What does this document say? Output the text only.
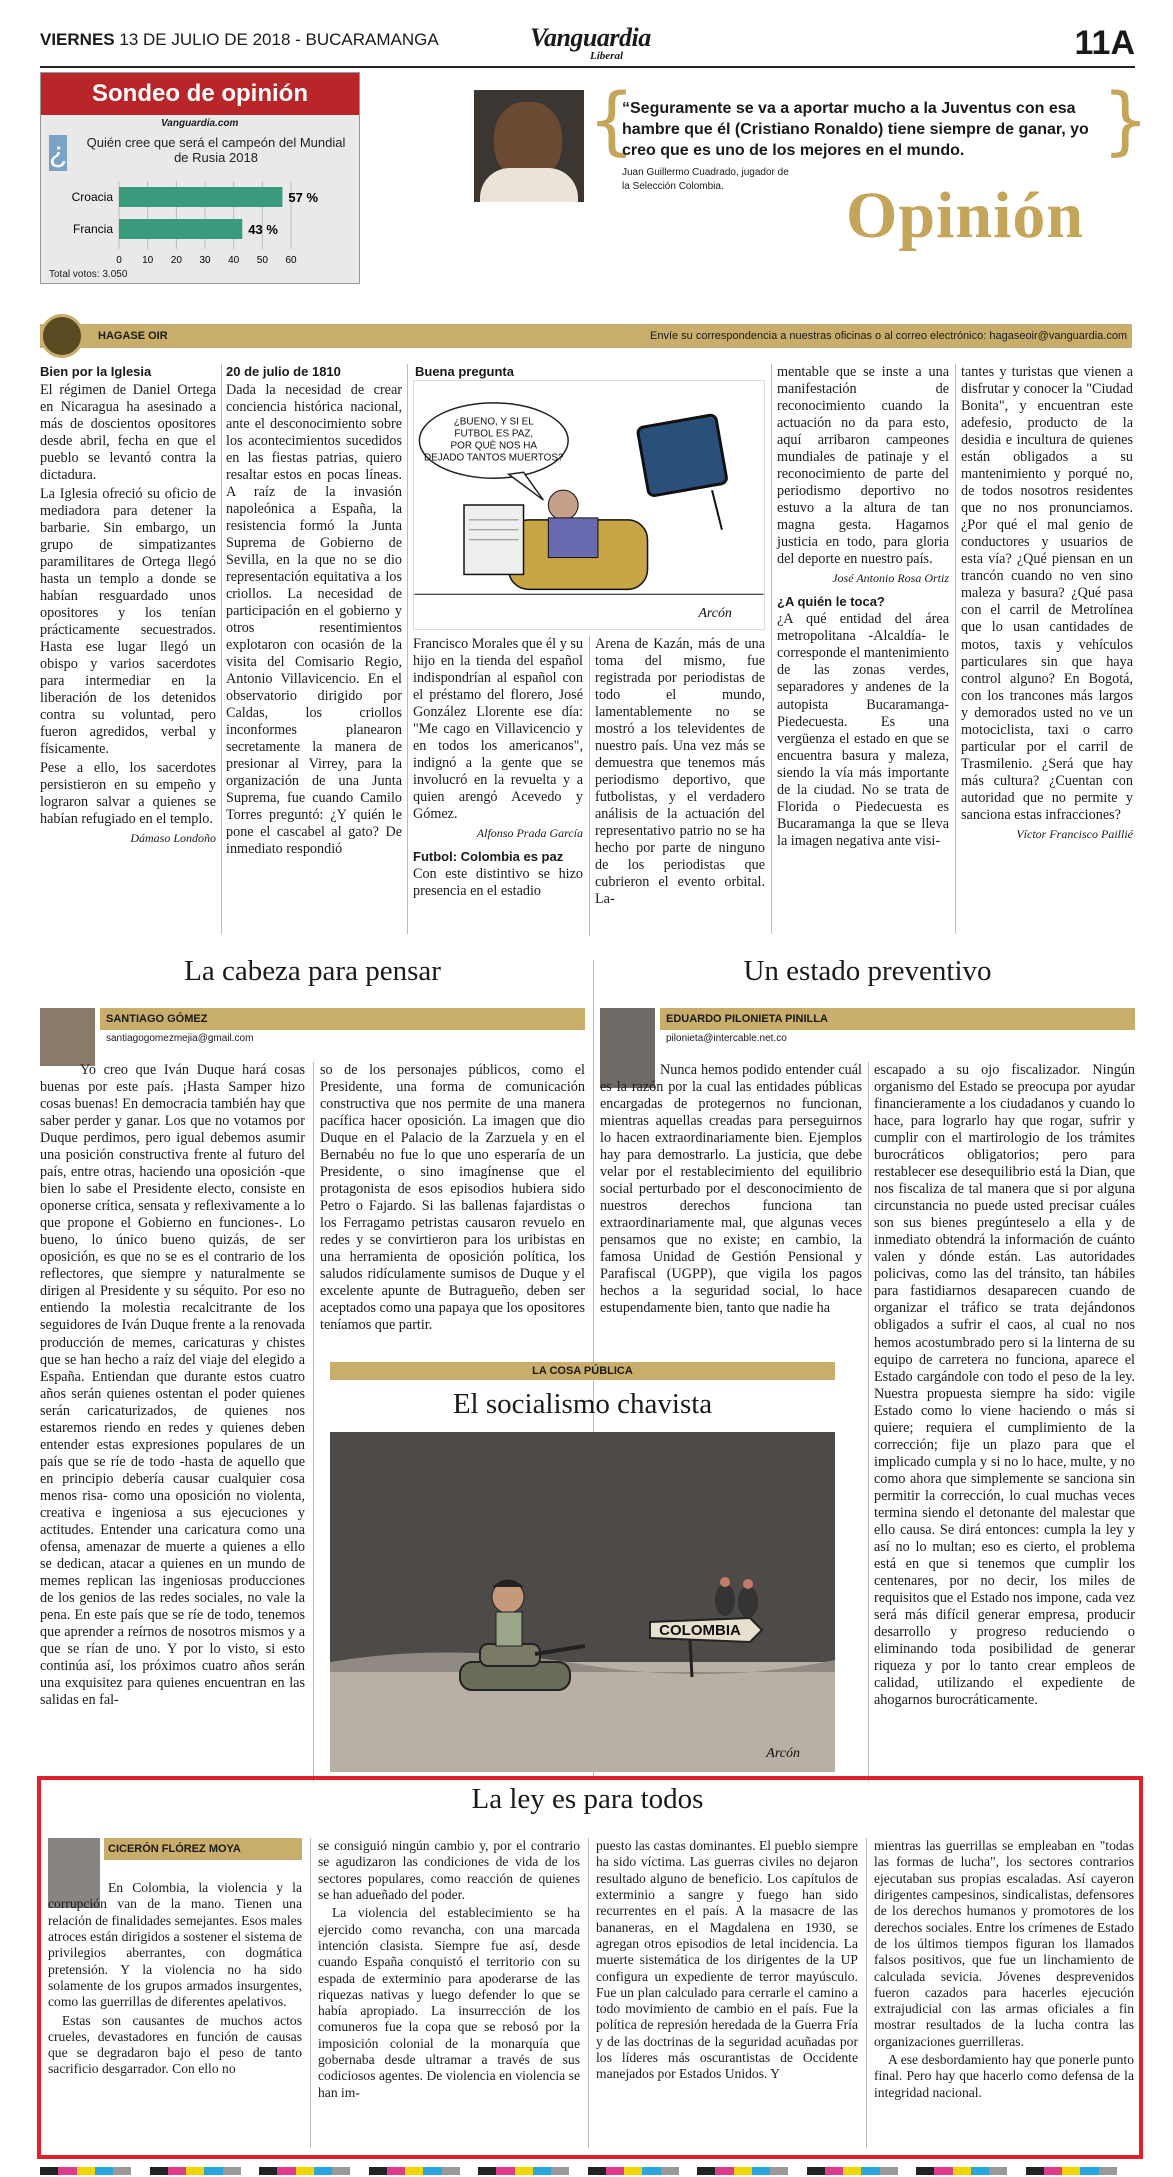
VIERNES 13 DE JULIO DE 2018 - BUCARAMANGA	Vanguardia
Liberal	11A
Sondeo de opinión
Vanguardia.com
¿	Quién cree que será el campeón del Mundial de Rusia 2018
0 10 20 30 40 50 60
Croacia	57 %
Francia	43 %
Total votos: 3.050
{	}
“Seguramente se va a aportar mucho a la Juventus con esa hambre que él (Cristiano Ronaldo) tiene siempre de ganar, yo creo que es uno de los mejores en el mundo.
Juan Guillermo Cuadrado, jugador de
la Selección Colombia.	Opinión
HAGASE OIR	Envíe su correspondencia a nuestras oficinas o al correo electrónico: hagaseoir@vanguardia.com
Bien por la Iglesia

El régimen de Daniel Ortega en Nicaragua ha asesinado a más de doscientos opositores desde abril, fecha en que el pueblo se levantó contra la dictadura.

La Iglesia ofreció su oficio de mediadora para detener la barbarie. Sin embargo, un grupo de simpatizantes paramilitares de Ortega llegó hasta un templo a donde se habían resguardado unos opositores y los tenían prácticamente secuestrados. Hasta ese lugar llegó un obispo y varios sacerdotes para intermediar en la liberación de los detenidos contra su voluntad, pero fueron agredidos, verbal y físicamente.

Pese a ello, los sacerdotes persistieron en su empeño y lograron salvar a quienes se habían refugiado en el templo.

Dámaso Londoño
20 de julio de 1810

Dada la necesidad de crear conciencia histórica nacional, ante el desconocimiento sobre los acontecimientos sucedidos en las fiestas patrias, quiero resaltar estos en pocas líneas. A raíz de la invasión napoleónica a España, la resistencia formó la Junta Suprema de Gobierno de Sevilla, en la que no se dio representación equitativa a los criollos. La necesidad de participación en el gobierno y otros resentimientos explotaron con ocasión de la visita del Comisario Regio, Antonio Villavicencio. En el observatorio dirigido por Caldas, los criollos inconformes planearon secretamente la manera de presionar al Virrey, para la organización de una Junta Suprema, fue cuando Camilo Torres preguntó: ¿Y quién le pone el cascabel al gato? De inmediato respondió

Buena pregunta
¿BUENO, Y SI EL
FUTBOL ES PAZ,
POR QUÉ NOS HA
DEJADO TANTOS MUERTOS?
Arcón

Francisco Morales que él y su hijo en la tienda del español indispondrían al español con el préstamo del florero, José González Llorente ese día: "Me cago en Villavicencio y en todos los americanos", indignó a la gente que se involucró en la revuelta y a quien arengó Acevedo y Gómez.

Alfonso Prada García
Futbol: Colombia es paz

Con este distintivo se hizo presencia en el estadio

Arena de Kazán, más de una toma del mismo, fue registrada por periodistas de todo el mundo, lamentablemente no se mostró a los televidentes de nuestro país. Una vez más se demuestra que tenemos más periodismo deportivo, que futbolistas, y el verdadero análisis de la actuación del representativo patrio no se ha hecho por parte de ninguno de los periodistas que cubrieron el evento orbital. La-

mentable que se inste a una manifestación de reconocimiento cuando la actuación no da para esto, aquí arribaron campeones mundiales de patinaje y el reconocimiento de parte del periodismo deportivo no estuvo a la altura de tan magna gesta. Hagamos justicia en todo, para gloria del deporte en nuestro país.

José Antonio Rosa Ortiz
¿A quién le toca?

¿A qué entidad del área metropolitana -Alcaldía- le corresponde el mantenimiento de las zonas verdes, separadores y andenes de la autopista Bucaramanga-Piedecuesta. Es una vergüenza el estado en que se encuentra basura y maleza, siendo la vía más importante de la ciudad. No se trata de Florida o Piedecuesta es Bucaramanga la que se lleva la imagen negativa ante visi-

tantes y turistas que vienen a disfrutar y conocer la "Ciudad Bonita", y encuentran este adefesio, producto de la desidia e incultura de quienes están obligados a su mantenimiento y porqué no, de todos nosotros residentes que no nos pronunciamos. ¿Por qué el mal genio de conductores y usuarios de esta vía? ¿Qué piensan en un trancón cuando no ven sino maleza y basura? ¿Qué pasa con el carril de Metrolínea que lo usan cantidades de motos, taxis y vehículos particulares sin que haya control alguno? En Bogotá, con los trancones más largos y demorados usted no ve un motociclista, taxi o carro particular por el carril de Trasmilenio. ¿Será que hay más cultura? ¿Cuentan con autoridad que no permite y sanciona estas infracciones?

Víctor Francisco Paillié
La cabeza para pensar
SANTIAGO GÓMEZ
santiagogomezmejia@gmail.com

Yo creo que Iván Duque hará cosas buenas por este país. ¡Hasta Samper hizo cosas buenas! En democracia también hay que saber perder y ganar. Los que no votamos por Duque perdimos, pero igual debemos asumir una posición constructiva frente al futuro del país, entre otras, haciendo una oposición -que bien lo sabe el Presidente electo, consiste en oponerse crítica, sensata y reflexivamente a lo que propone el Gobierno en funciones-. Lo bueno, lo único bueno quizás, de ser oposición, es que no se es el contrario de los reflectores, que siempre y naturalmente se dirigen al Presidente y su séquito. Por eso no entiendo la molestia recalcitrante de los seguidores de Iván Duque frente a la renovada producción de memes, caricaturas y chistes que se han hecho a raíz del viaje del elegido a España. Entiendan que durante estos cuatro años serán quienes ostentan el poder quienes serán caricaturizados, de quienes nos estaremos riendo en redes y quienes deben entender estas expresiones populares de un país que se ríe de todo -hasta de aquello que en principio debería causar cualquier cosa menos risa- como una oposición no violenta, creativa e ingeniosa a sus ejecuciones y actitudes. Entender una caricatura como una ofensa, amenazar de muerte a quienes a ello se dedican, atacar a quienes en un mundo de memes replican las ingeniosas producciones de los genios de las redes sociales, no vale la pena. En este país que se ríe de todo, tenemos que aprender a reírnos de nosotros mismos y a que se rían de uno. Y por lo visto, si esto continúa así, los próximos cuatro años serán una exquisitez para quienes encuentran en las salidas en fal-

so de los personajes públicos, como el Presidente, una forma de comunicación constructiva que nos permite de una manera pacífica hacer oposición. La imagen que dio Duque en el Palacio de la Zarzuela y en el Bernabéu no fue lo que uno esperaría de un Presidente, o sino imagínense que el protagonista de esos episodios hubiera sido Petro o Fajardo. Si las ballenas fajardistas o los Ferragamo petristas causaron revuelo en redes y se convirtieron para los uribistas en una herramienta de oposición política, los saludos ridículamente sumisos de Duque y el excelente apunte de Butragueño, deben ser aceptados como una papaya que los opositores teníamos que partir.

Un estado preventivo
EDUARDO PILONIETA PINILLA
pilonieta@intercable.net.co

Nunca hemos podido entender cuál es la razón por la cual las entidades públicas encargadas de protegernos no funcionan, mientras aquellas creadas para perseguirnos lo hacen extraordinariamente bien. Ejemplos hay para demostrarlo. La justicia, que debe velar por el restablecimiento del equilibrio social perturbado por el desconocimiento de nuestros derechos funciona tan extraordinariamente mal, que algunas veces pensamos que no existe; en cambio, la famosa Unidad de Gestión Pensional y Parafiscal (UGPP), que vigila los pagos hechos a la seguridad social, lo hace estupendamente bien, tanto que nadie ha

escapado a su ojo fiscalizador. Ningún organismo del Estado se preocupa por ayudar financieramente a los ciudadanos y cuando lo hace, para lograrlo hay que rogar, sufrir y cumplir con el martirologio de los trámites burocráticos obligatorios; pero para restablecer ese desequilibrio está la Dian, que nos fiscaliza de tal manera que si por alguna circunstancia no puede usted precisar cuáles son sus bienes pregúnteselo a ella y de inmediato obtendrá la información de cuánto valen y dónde están. Las autoridades policivas, como las del tránsito, tan hábiles para fastidiarnos desaparecen cuando de organizar el tráfico se trata dejándonos obligados a sufrir el caos, al cual no nos hemos acostumbrado pero si la linterna de su equipo de carretera no funciona, aparece el Estado cargándole con todo el peso de la ley. Nuestra propuesta siempre ha sido: vigile Estado como lo viene haciendo o más si quiere; requiera el cumplimiento de la corrección; fije un plazo para que el implicado cumpla y si no lo hace, multe, y no como ahora que simplemente se sanciona sin permitir la corrección, lo cual muchas veces termina siendo el detonante del malestar que ello causa. Se dirá entonces: cumpla la ley y así no lo multan; eso es cierto, el problema está en que si tenemos que cumplir los centenares, por no decir, los miles de requisitos que el Estado nos impone, cada vez será más difícil generar empresa, producir desarrollo y progreso reduciendo o eliminando toda posibilidad de generar riqueza y por lo tanto crear empleos de calidad, utilizando el expediente de ahogarnos burocráticamente.

LA COSA PÚBLICA
El socialismo chavista
COLOMBIA
Arcón
La ley es para todos
CICERÓN FLÓREZ MOYA

En Colombia, la violencia y la corrupción van de la mano. Tienen una relación de finalidades semejantes. Esos males atroces están dirigidos a sostener el sistema de privilegios aberrantes, con dogmática pretensión. Y la violencia no ha sido solamente de los grupos armados insurgentes, como las guerrillas de diferentes apelativos.

Estas son causantes de muchos actos crueles, devastadores en función de causas que se degradaron bajo el peso de tanto sacrificio desgarrador. Con ello no

se consiguió ningún cambio y, por el contrario se agudizaron las condiciones de vida de los sectores populares, como reacción de quienes se han adueñado del poder.

La violencia del establecimiento se ha ejercido como revancha, con una marcada intención clasista. Siempre fue así, desde cuando España conquistó el territorio con su espada de exterminio para apoderarse de las riquezas nativas y luego defender lo que se había apropiado. La insurrección de los comuneros fue la copa que se rebosó por la imposición colonial de la monarquía que gobernaba desde ultramar a través de sus codiciosos agentes. De violencia en violencia se han im-

puesto las castas dominantes. El pueblo siempre ha sido víctima. Las guerras civiles no dejaron resultado alguno de beneficio. Los capítulos de exterminio a sangre y fuego han sido recurrentes en el país. A la masacre de las bananeras, en el Magdalena en 1930, se agregan otros episodios de letal incidencia. La muerte sistemática de los dirigentes de la UP configura un expediente de terror mayúsculo. Fue un plan calculado para cerrarle el camino a todo movimiento de cambio en el país. Fue la política de represión heredada de la Guerra Fría y de las doctrinas de la seguridad acuñadas por los líderes más oscurantistas de Occidente manejados por Estados Unidos. Y

mientras las guerrillas se empleaban en "todas las formas de lucha", los sectores contrarios ejecutaban sus propias escaladas. Así cayeron dirigentes campesinos, sindicalistas, defensores de los derechos humanos y promotores de los derechos sociales. Entre los crímenes de Estado de los últimos tiempos figuran los llamados falsos positivos, que fue un linchamiento de calculada sevicia. Jóvenes desprevenidos fueron cazados para hacerles ejecución extrajudicial con las armas oficiales a fin mostrar resultados de la lucha contra las organizaciones guerrilleras.

A ese desbordamiento hay que ponerle punto final. Pero hay que hacerlo como defensa de la integridad nacional.
